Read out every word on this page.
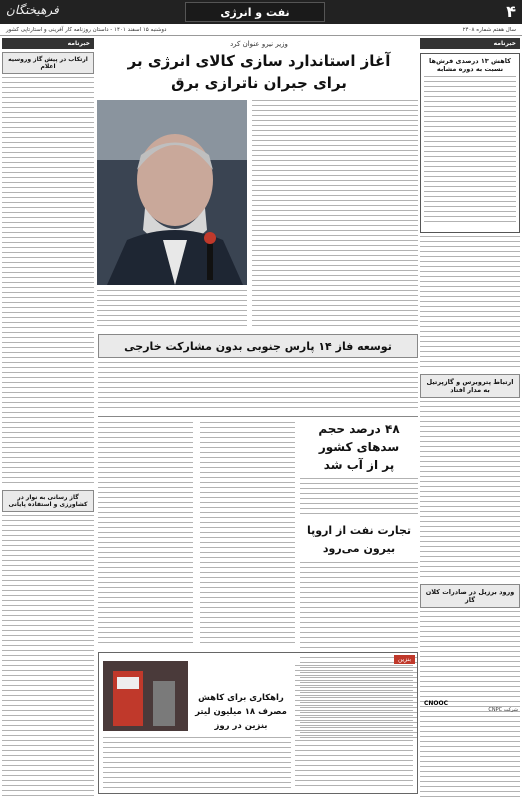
فرهیختگان	نفت و انرژی	۴
سال هفتم شماره ۲۴۰۸
دوشنبه ۱۵ اسفند ۱۴۰۱ - داستان روزنامه کار آفرینی و استارتاپی کشور
خبرنامه
کاهش ۱۳ درصدی فرش‌ها نسبت به دوره مشابه
ارتباط پتروبرس و گازپرتیل به مدار افتاد
ورود برزیل در صادرات کلان گاز
خبرنامه
ارتکاب در پیش گاز وروسیه اعلام
گاز رسانی به نوار در کشاورزی و استفاده پایانی
وزیر نیرو عنوان کرد
آغاز استاندارد سازی کالای انرژی بر
برای جبران ناترازی برق
توسعه فاز ۱۴ پارس جنوبی بدون مشارکت خارجی
۴۸ درصد حجم
سدهای کشور
پر از آب شد
تجارت نفت از اروپا
بیرون می‌رود
بنزین
راهکاری برای کاهش
مصرف ۱۸ میلیون لیتر
بنزین در روز
CNOOC
شرکت CNPC
